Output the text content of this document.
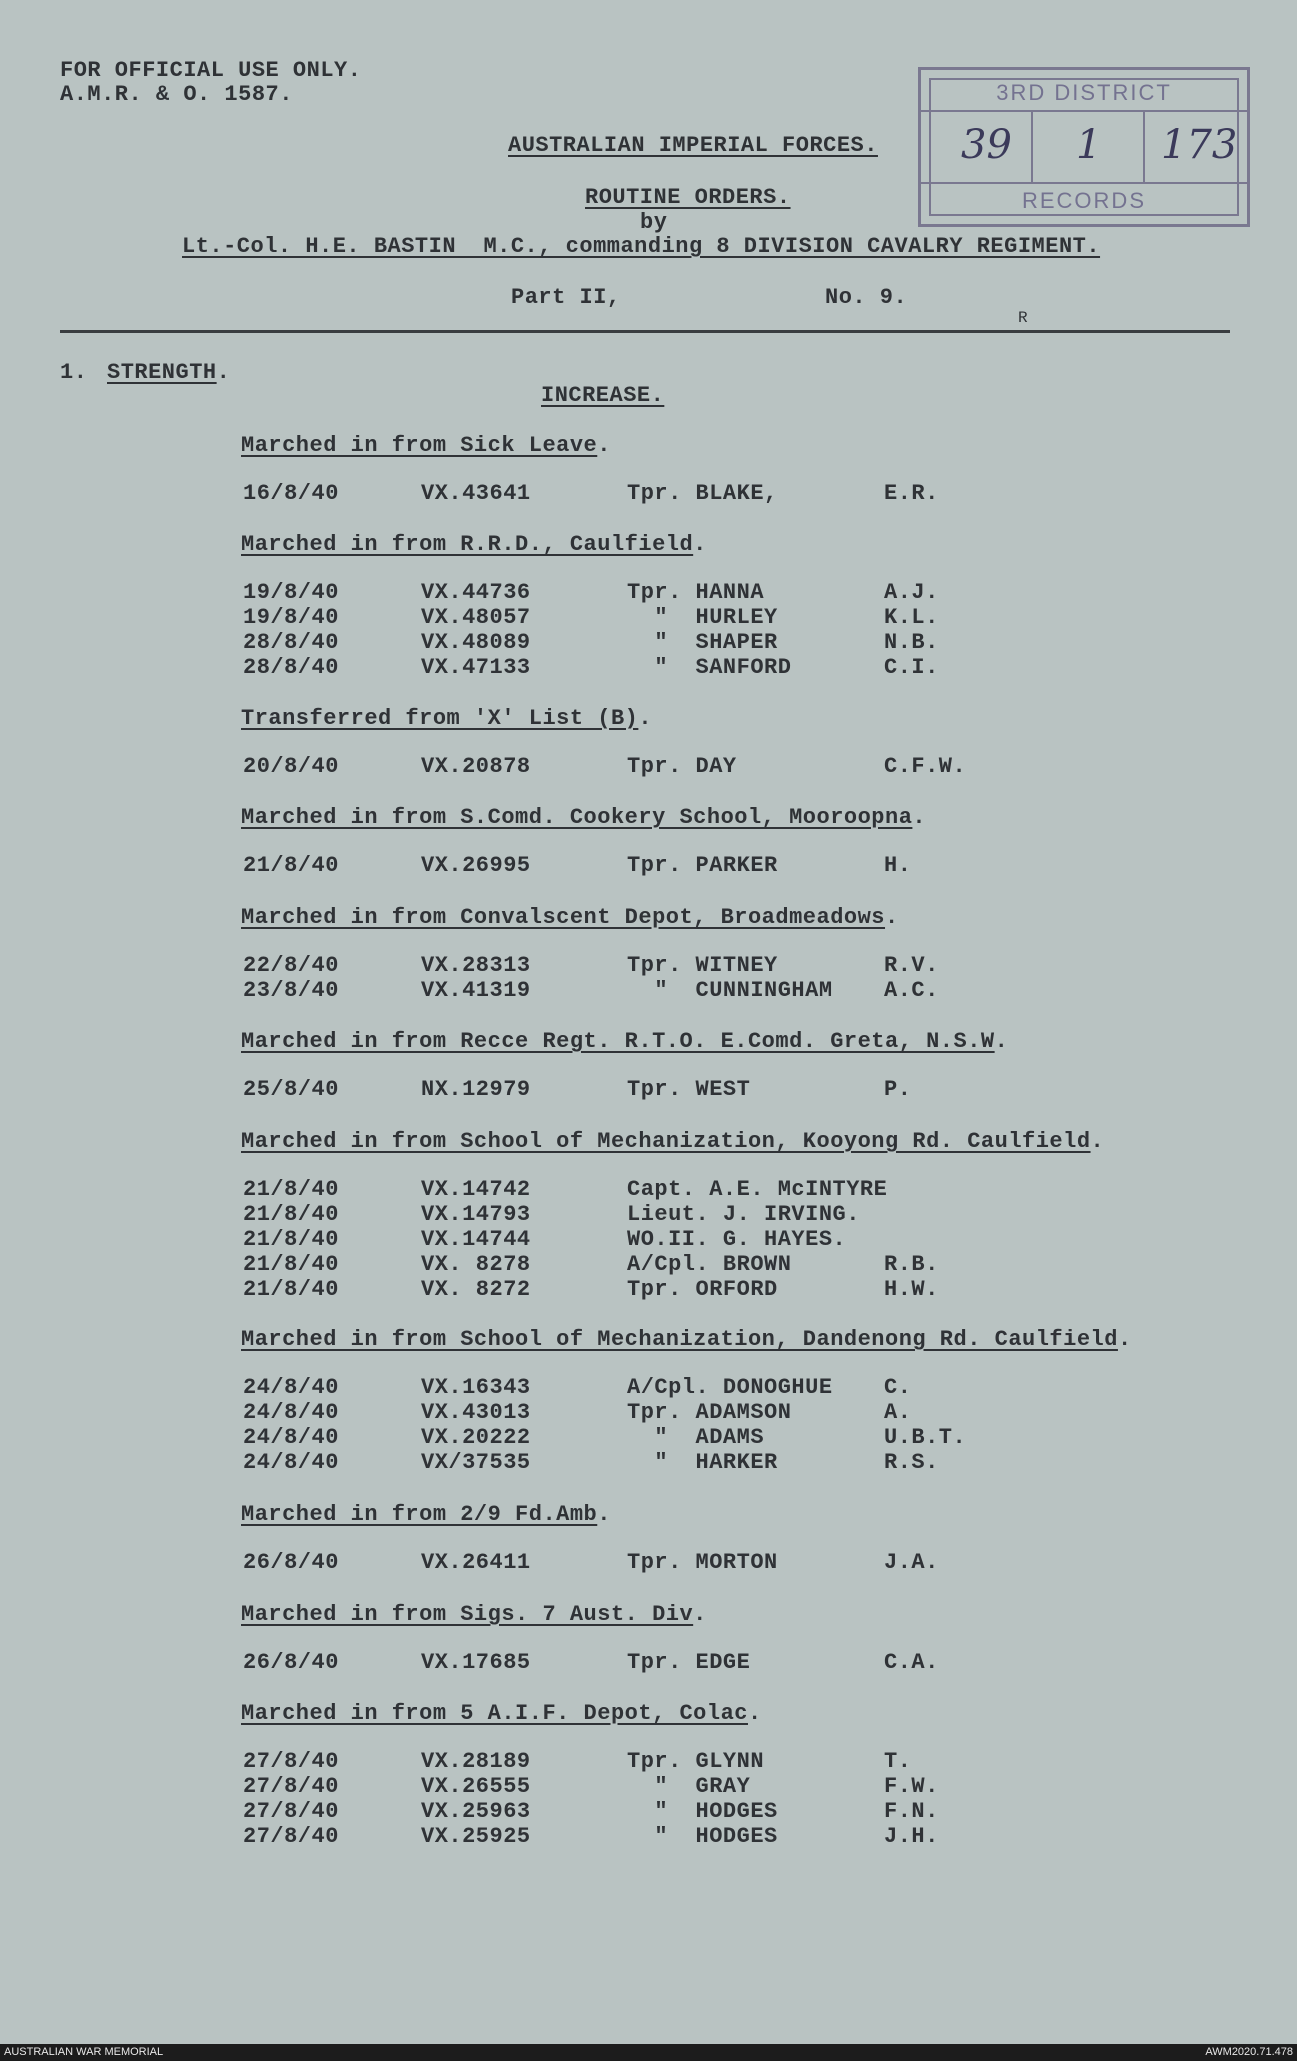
FOR OFFICIAL USE ONLY.
A.M.R. & O. 1587.	3RD DISTRICT
39 1 173
RECORDS
AUSTRALIAN IMPERIAL FORCES.
ROUTINE ORDERS.
by
Lt.-Col. H.E. BASTIN  M.C., commanding 8 DIVISION CAVALRY REGIMENT.
Part II,	No. 9.
R
1. STRENGTH.
INCREASE.
Marched in from Sick Leave.
16/8/40	VX.43641	Tpr. BLAKE,	E.R.
Marched in from R.R.D., Caulfield.
19/8/40	VX.44736	Tpr. HANNA	A.J.
19/8/40	VX.48057	"  HURLEY	K.L.
28/8/40	VX.48089	"  SHAPER	N.B.
28/8/40	VX.47133	"  SANFORD	C.I.
Transferred from 'X' List (B).
20/8/40	VX.20878	Tpr. DAY	C.F.W.
Marched in from S.Comd. Cookery School, Mooroopna.
21/8/40	VX.26995	Tpr. PARKER	H.
Marched in from Convalscent Depot, Broadmeadows.
22/8/40	VX.28313	Tpr. WITNEY	R.V.
23/8/40	VX.41319	"  CUNNINGHAM A.C.
Marched in from Recce Regt. R.T.O. E.Comd. Greta, N.S.W.
25/8/40	NX.12979	Tpr. WEST	P.
Marched in from School of Mechanization, Kooyong Rd. Caulfield.
21/8/40	VX.14742	Capt. A.E. McINTYRE
21/8/40	VX.14793	Lieut. J. IRVING.
21/8/40	VX.14744	WO.II. G. HAYES.
21/8/40	VX. 8278	A/Cpl. BROWN	R.B.
21/8/40	VX. 8272	Tpr. ORFORD	H.W.
Marched in from School of Mechanization, Dandenong Rd. Caulfield.
24/8/40	VX.16343	A/Cpl. DONOGHUE C.
24/8/40	VX.43013	Tpr. ADAMSON	A.
24/8/40	VX.20222	"  ADAMS	U.B.T.
24/8/40	VX/37535	"  HARKER	R.S.
Marched in from 2/9 Fd.Amb.
26/8/40	VX.26411	Tpr. MORTON	J.A.
Marched in from Sigs. 7 Aust. Div.
26/8/40	VX.17685	Tpr. EDGE	C.A.
Marched in from 5 A.I.F. Depot, Colac.
27/8/40	VX.28189	Tpr. GLYNN	T.
27/8/40	VX.26555	"  GRAY	F.W.
27/8/40	VX.25963	"  HODGES	F.N.
27/8/40	VX.25925	"  HODGES	J.H.
AUSTRALIAN WAR MEMORIAL	AWM2020.71.478
